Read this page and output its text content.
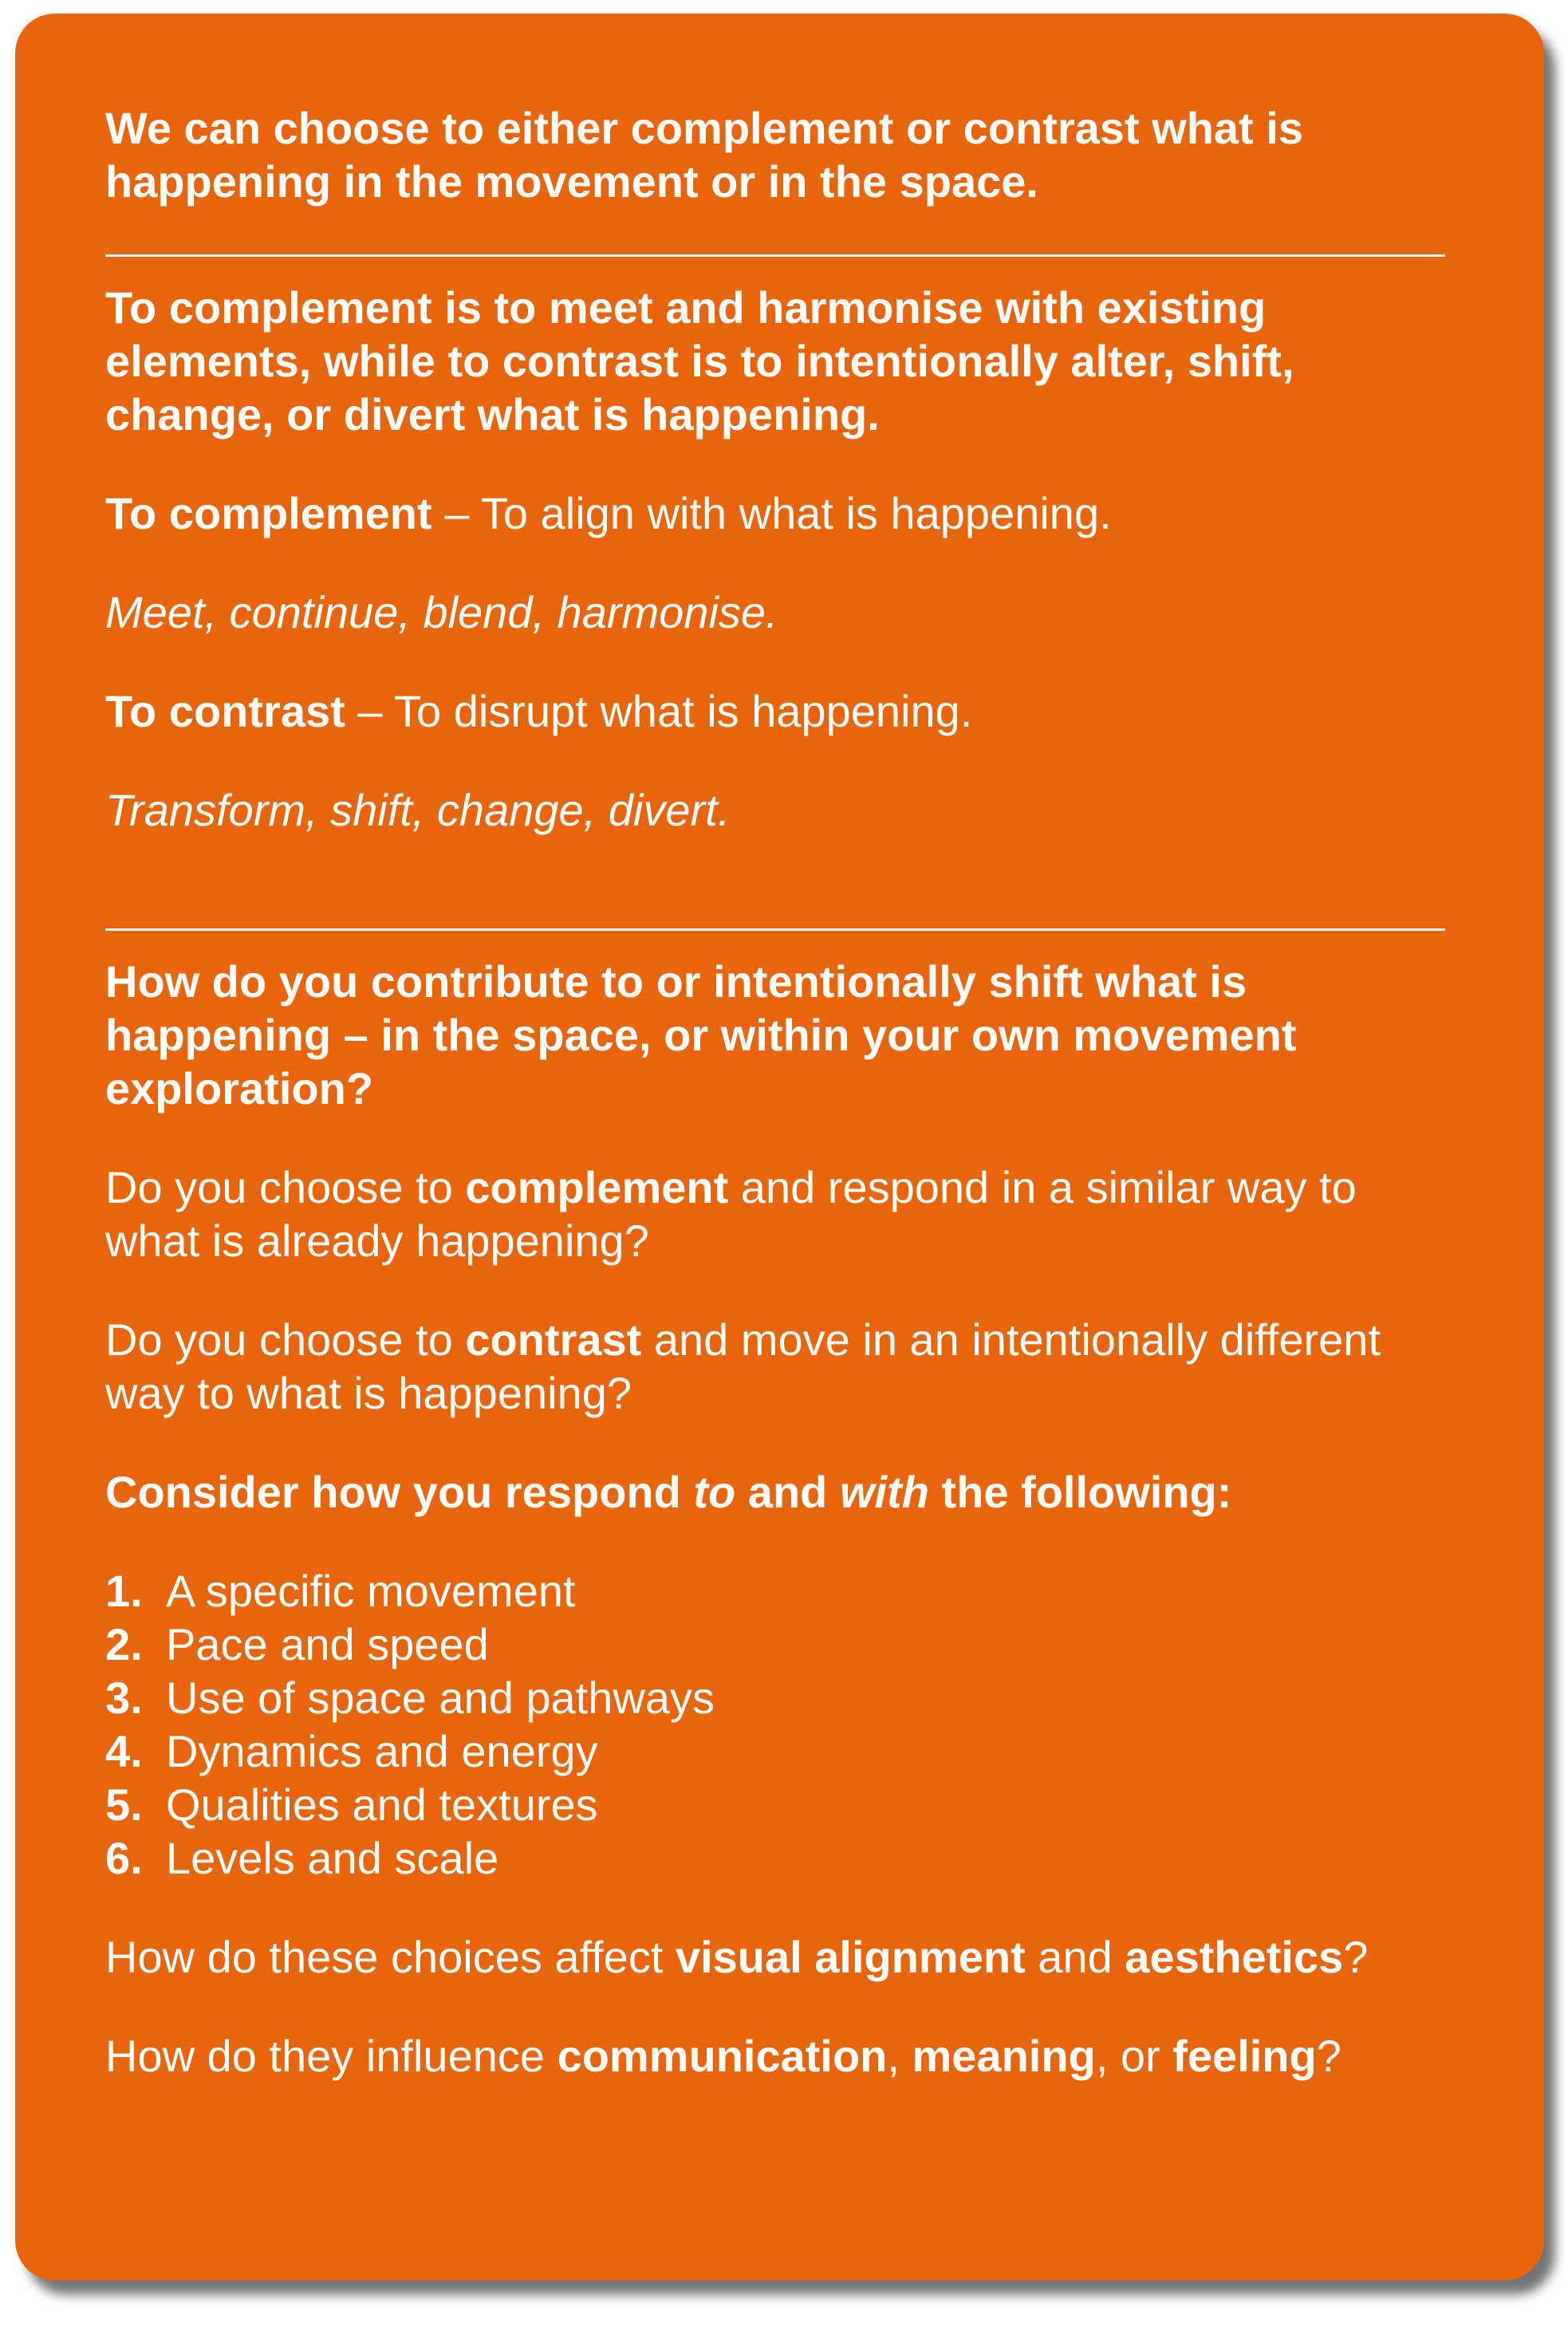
We can choose to either complement or contrast what is happening in the movement or in the space.

To complement is to meet and harmonise with existing elements, while to contrast is to intentionally alter, shift, change, or divert what is happening.

To complement – To align with what is happening.

Meet, continue, blend, harmonise.

To contrast – To disrupt what is happening.

Transform, shift, change, divert.

How do you contribute to or intentionally shift what is happening – in the space, or within your own movement exploration?

Do you choose to complement and respond in a similar way to what is already happening?

Do you choose to contrast and move in an intentionally different way to what is happening?

Consider how you respond to and with the following:

1. A specific movement
2. Pace and speed
3. Use of space and pathways
4. Dynamics and energy
5. Qualities and textures
6. Levels and scale

How do these choices affect visual alignment and aesthetics?

How do they influence communication, meaning, or feeling?
